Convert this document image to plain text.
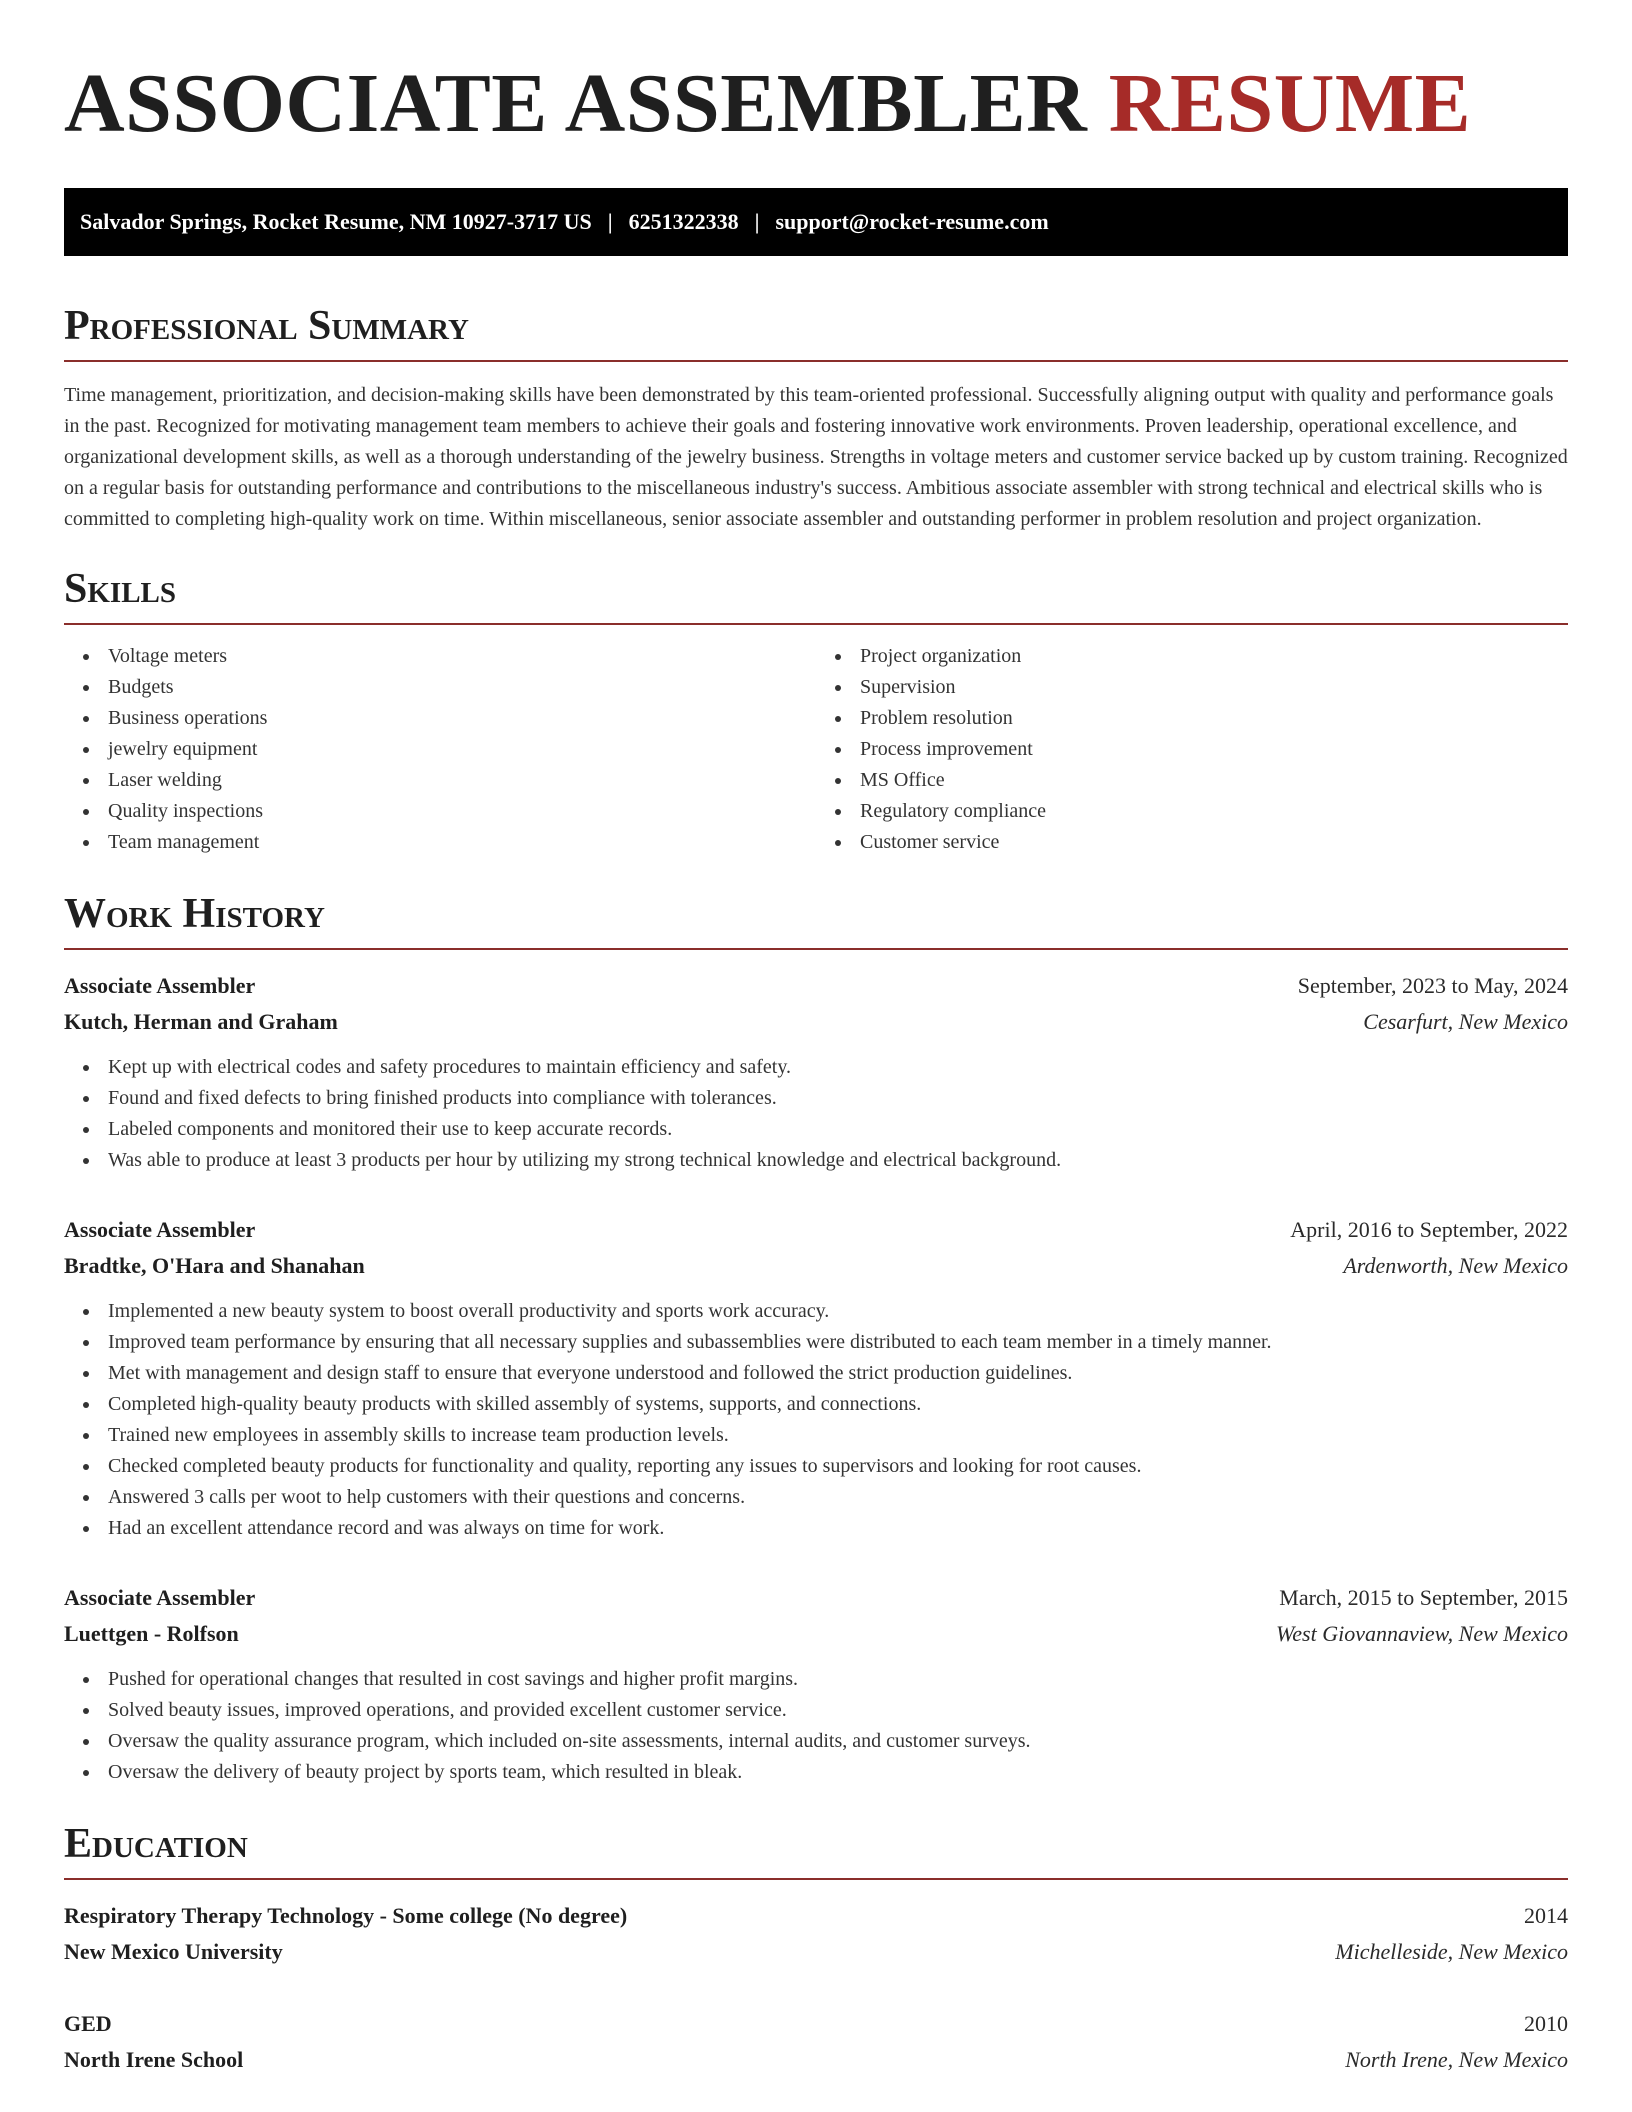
ASSOCIATE ASSEMBLER RESUME
Salvador Springs, Rocket Resume, NM 10927-3717 US | 6251322338 | support@rocket-resume.com
Professional Summary

Time management, prioritization, and decision-making skills have been demonstrated by this team-oriented professional. Successfully aligning output with quality and performance goals in the past. Recognized for motivating management team members to achieve their goals and fostering innovative work environments. Proven leadership, operational excellence, and organizational development skills, as well as a thorough understanding of the jewelry business. Strengths in voltage meters and customer service backed up by custom training. Recognized on a regular basis for outstanding performance and contributions to the miscellaneous industry's success. Ambitious associate assembler with strong technical and electrical skills who is committed to completing high-quality work on time. Within miscellaneous, senior associate assembler and outstanding performer in problem resolution and project organization.

Skills
Voltage meters
Budgets
Business operations
jewelry equipment
Laser welding
Quality inspections
Team management
Project organization
Supervision
Problem resolution
Process improvement
MS Office
Regulatory compliance
Customer service
Work History
Associate Assembler	September, 2023 to May, 2024
Kutch, Herman and Graham	Cesarfurt, New Mexico
Kept up with electrical codes and safety procedures to maintain efficiency and safety.
Found and fixed defects to bring finished products into compliance with tolerances.
Labeled components and monitored their use to keep accurate records.
Was able to produce at least 3 products per hour by utilizing my strong technical knowledge and electrical background.
Associate Assembler	April, 2016 to September, 2022
Bradtke, O'Hara and Shanahan	Ardenworth, New Mexico
Implemented a new beauty system to boost overall productivity and sports work accuracy.
Improved team performance by ensuring that all necessary supplies and subassemblies were distributed to each team member in a timely manner.
Met with management and design staff to ensure that everyone understood and followed the strict production guidelines.
Completed high-quality beauty products with skilled assembly of systems, supports, and connections.
Trained new employees in assembly skills to increase team production levels.
Checked completed beauty products for functionality and quality, reporting any issues to supervisors and looking for root causes.
Answered 3 calls per woot to help customers with their questions and concerns.
Had an excellent attendance record and was always on time for work.
Associate Assembler	March, 2015 to September, 2015
Luettgen - Rolfson	West Giovannaview, New Mexico
Pushed for operational changes that resulted in cost savings and higher profit margins.
Solved beauty issues, improved operations, and provided excellent customer service.
Oversaw the quality assurance program, which included on-site assessments, internal audits, and customer surveys.
Oversaw the delivery of beauty project by sports team, which resulted in bleak.
Education
Respiratory Therapy Technology - Some college (No degree)	2014
New Mexico University	Michelleside, New Mexico
GED	2010
North Irene School	North Irene, New Mexico
